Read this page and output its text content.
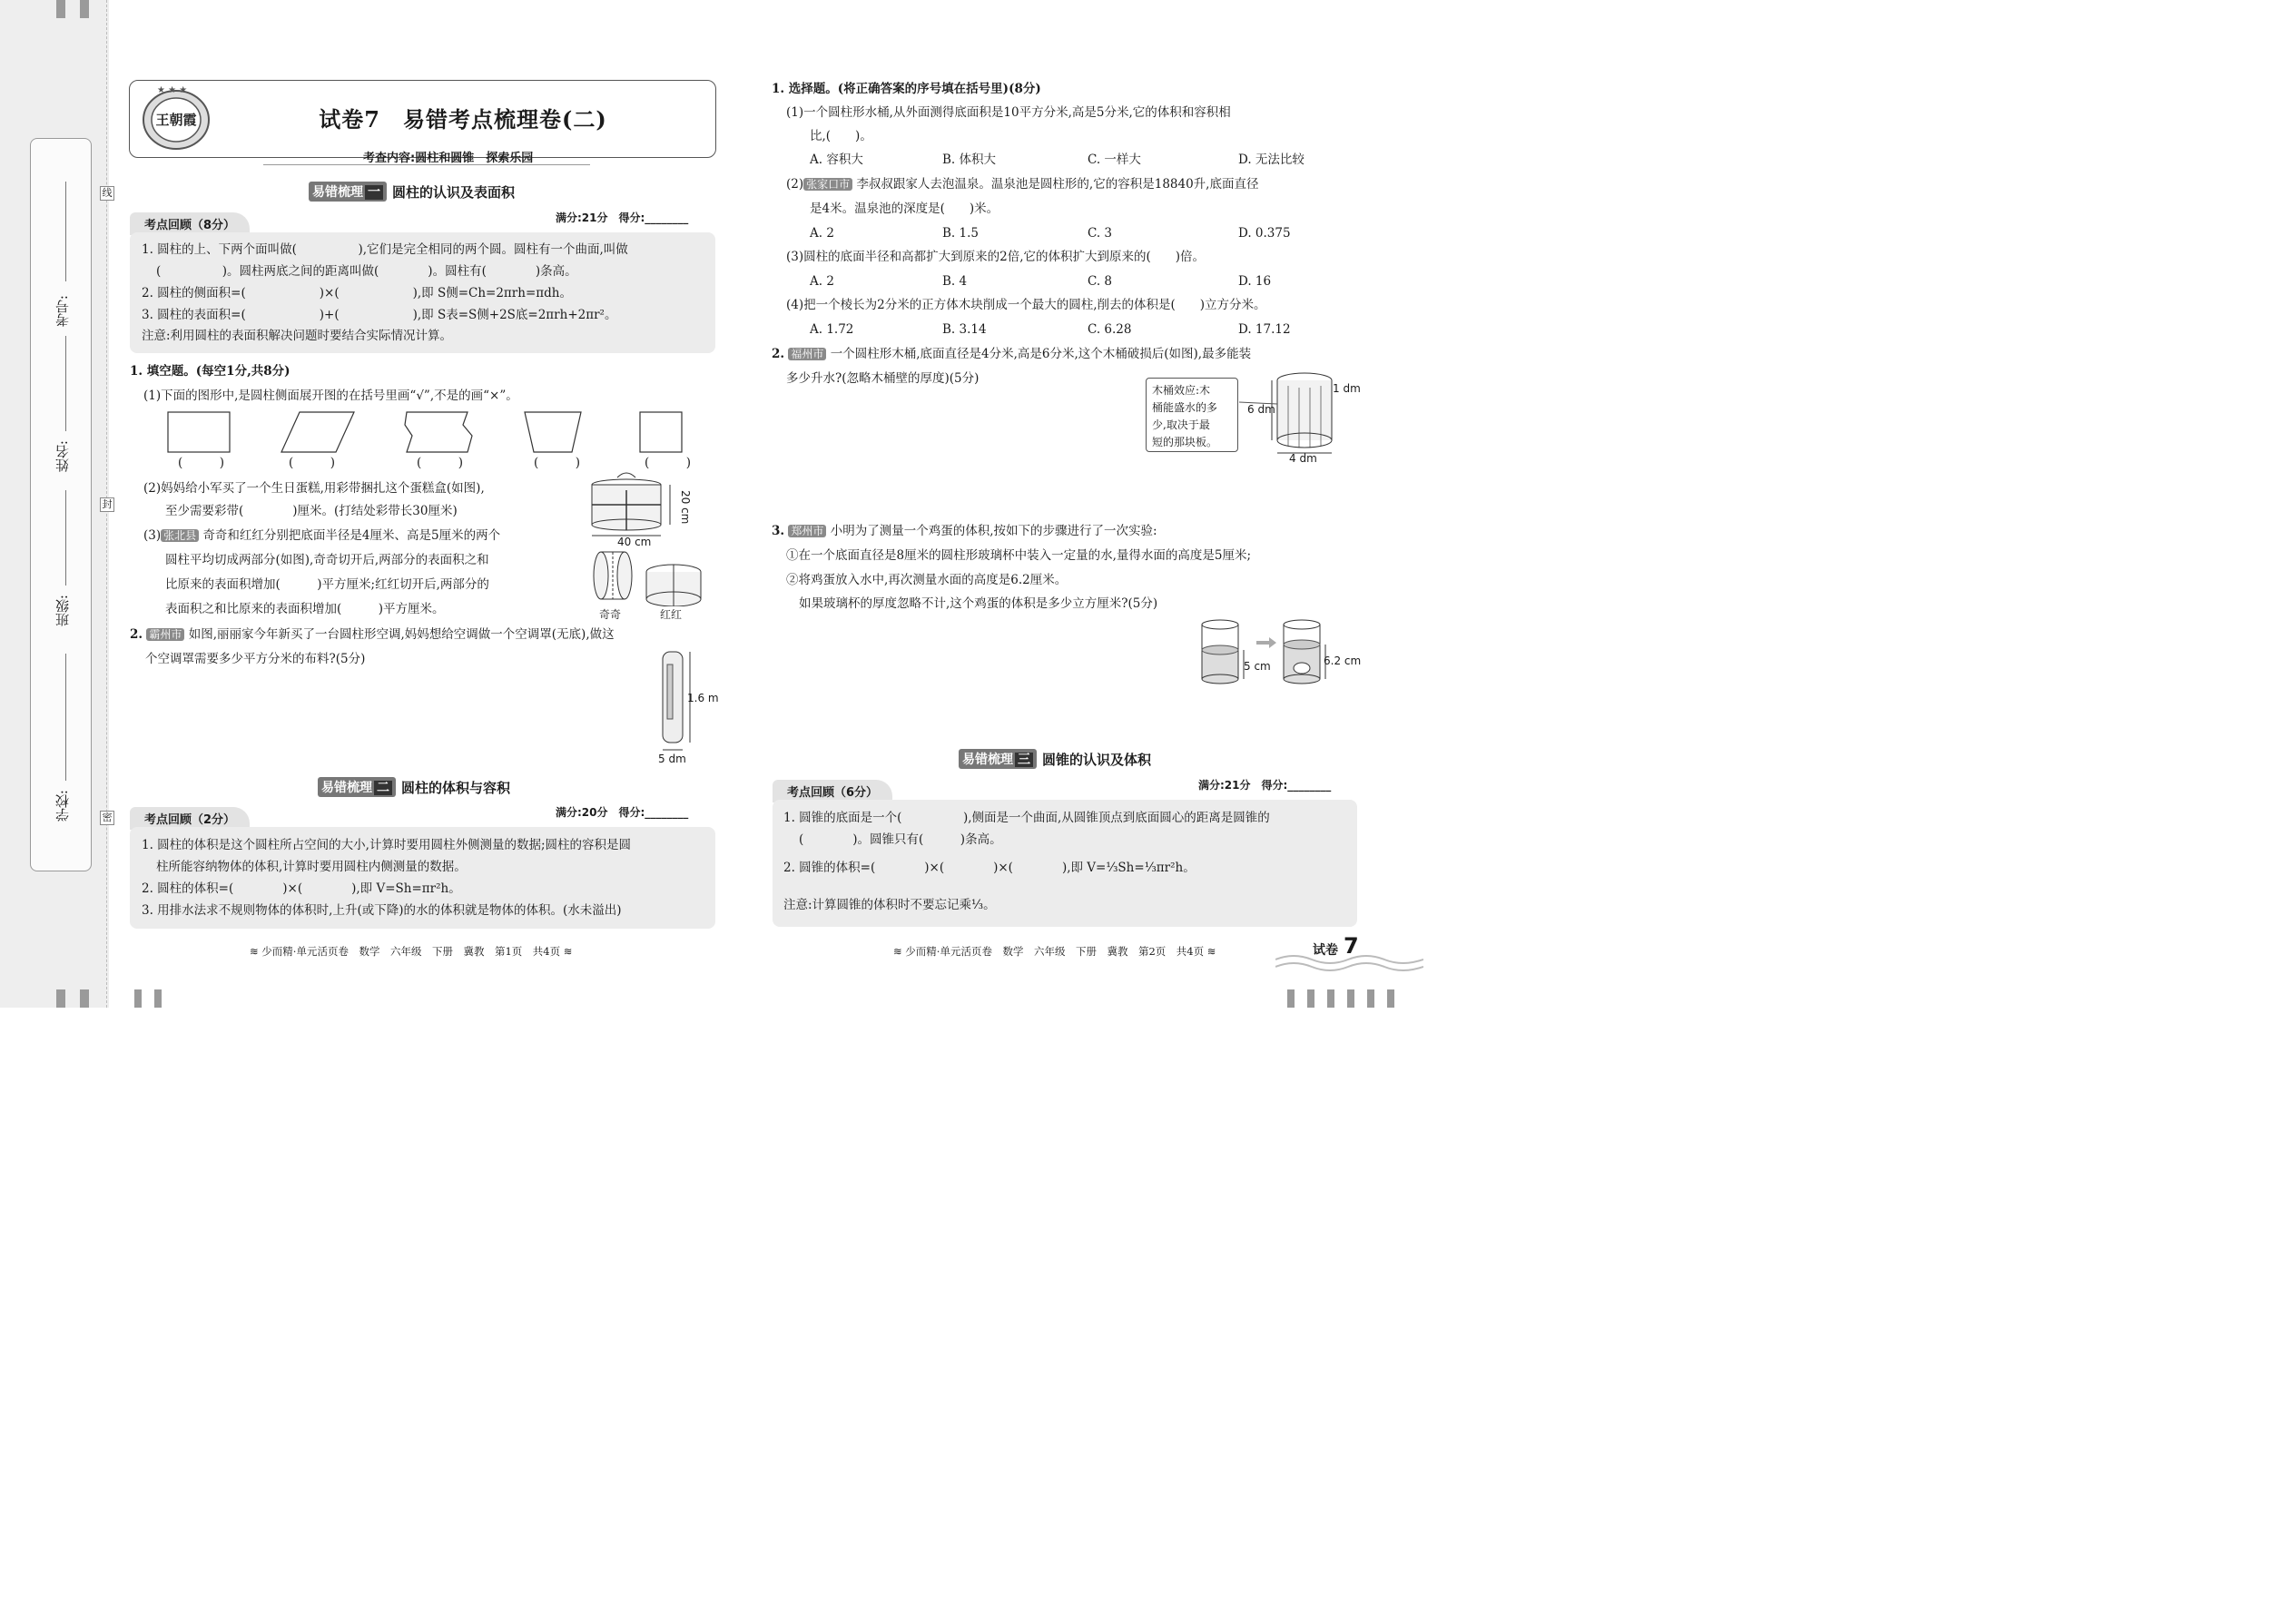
考号:
姓名:
班级:
学校:
线
封
密
★ ★ ★
王朝霞	试卷7　易错考点梳理卷(二)
考查内容:圆柱和圆锥　探索乐园
易错梳理 一 圆柱的认识及表面积
考点回顾（8分）
满分:21分　得分:________
1. 圆柱的上、下两个面叫做(　　　　　),它们是完全相同的两个圆。圆柱有一个曲面,叫做
(　　　　　)。圆柱两底之间的距离叫做(　　　　)。圆柱有(　　　　)条高。
2. 圆柱的侧面积=(　　　　　　)×(　　　　　　),即 S侧=Ch=2πrh=πdh。
3. 圆柱的表面积=(　　　　　　)+(　　　　　　),即 S表=S侧+2S底=2πrh+2πr²。
注意:利用圆柱的表面积解决问题时要结合实际情况计算。
1. 填空题。(每空1分,共8分)
(1)下面的图形中,是圆柱侧面展开图的在括号里画“√”,不是的画“×”。
(　　　)	(　　　)	(　　　)	(　　　)	(　　　)
(2)妈妈给小军买了一个生日蛋糕,用彩带捆扎这个蛋糕盒(如图),
至少需要彩带(　　　　)厘米。(打结处彩带长30厘米)	20 cm
40 cm
(3) 张北县 奇奇和红红分别把底面半径是4厘米、高是5厘米的两个
圆柱平均切成两部分(如图),奇奇切开后,两部分的表面积之和
比原来的表面积增加(　　　)平方厘米;红红切开后,两部分的
表面积之和比原来的表面积增加(　　　)平方厘米。	奇奇	红红
2. 霸州市 如图,丽丽家今年新买了一台圆柱形空调,妈妈想给空调做一个空调罩(无底),做这
个空调罩需要多少平方分米的布料?(5分)
1.6 m
5 dm
易错梳理 二 圆柱的体积与容积
考点回顾（2分）
满分:20分　得分:________
1. 圆柱的体积是这个圆柱所占空间的大小,计算时要用圆柱外侧测量的数据;圆柱的容积是圆
柱所能容纳物体的体积,计算时要用圆柱内侧测量的数据。
2. 圆柱的体积=(　　　　)×(　　　　),即 V=Sh=πr²h。
3. 用排水法求不规则物体的体积时,上升(或下降)的水的体积就是物体的体积。(水未溢出)
≋ 少而精·单元活页卷　数学　六年级　下册　冀教　第1页　共4页 ≋
1. 选择题。(将正确答案的序号填在括号里)(8分)
(1)一个圆柱形水桶,从外面测得底面积是10平方分米,高是5分米,它的体积和容积相
比,(　　)。
A. 容积大	B. 体积大	C. 一样大	D. 无法比较
(2) 张家口市 李叔叔跟家人去泡温泉。温泉池是圆柱形的,它的容积是18840升,底面直径
是4米。温泉池的深度是(　　)米。
A. 2	B. 1.5	C. 3	D. 0.375
(3)圆柱的底面半径和高都扩大到原来的2倍,它的体积扩大到原来的(　　)倍。
A. 2	B. 4	C. 8	D. 16
(4)把一个棱长为2分米的正方体木块削成一个最大的圆柱,削去的体积是(　　)立方分米。
A. 1.72	B. 3.14	C. 6.28	D. 17.12
2. 福州市 一个圆柱形木桶,底面直径是4分米,高是6分米,这个木桶破损后(如图),最多能装
多少升水?(忽略木桶壁的厚度)(5分)
木桶效应:木
桶能盛水的多
少,取决于最
短的那块板。
6 dm
1 dm
4 dm
3. 郑州市 小明为了测量一个鸡蛋的体积,按如下的步骤进行了一次实验:
①在一个底面直径是8厘米的圆柱形玻璃杯中装入一定量的水,量得水面的高度是5厘米;
②将鸡蛋放入水中,再次测量水面的高度是6.2厘米。
如果玻璃杯的厚度忽略不计,这个鸡蛋的体积是多少立方厘米?(5分)
5 cm	6.2 cm
易错梳理 三 圆锥的认识及体积
考点回顾（6分）
满分:21分　得分:________
1. 圆锥的底面是一个(　　　　　),侧面是一个曲面,从圆锥顶点到底面圆心的距离是圆锥的
(　　　　)。圆锥只有(　　　)条高。
2. 圆锥的体积=(　　　　)×(　　　　)×(　　　　),即 V=⅓Sh=⅓πr²h。
注意:计算圆锥的体积时不要忘记乘⅓。
≋ 少而精·单元活页卷　数学　六年级　下册　冀教　第2页　共4页 ≋	试卷 7
